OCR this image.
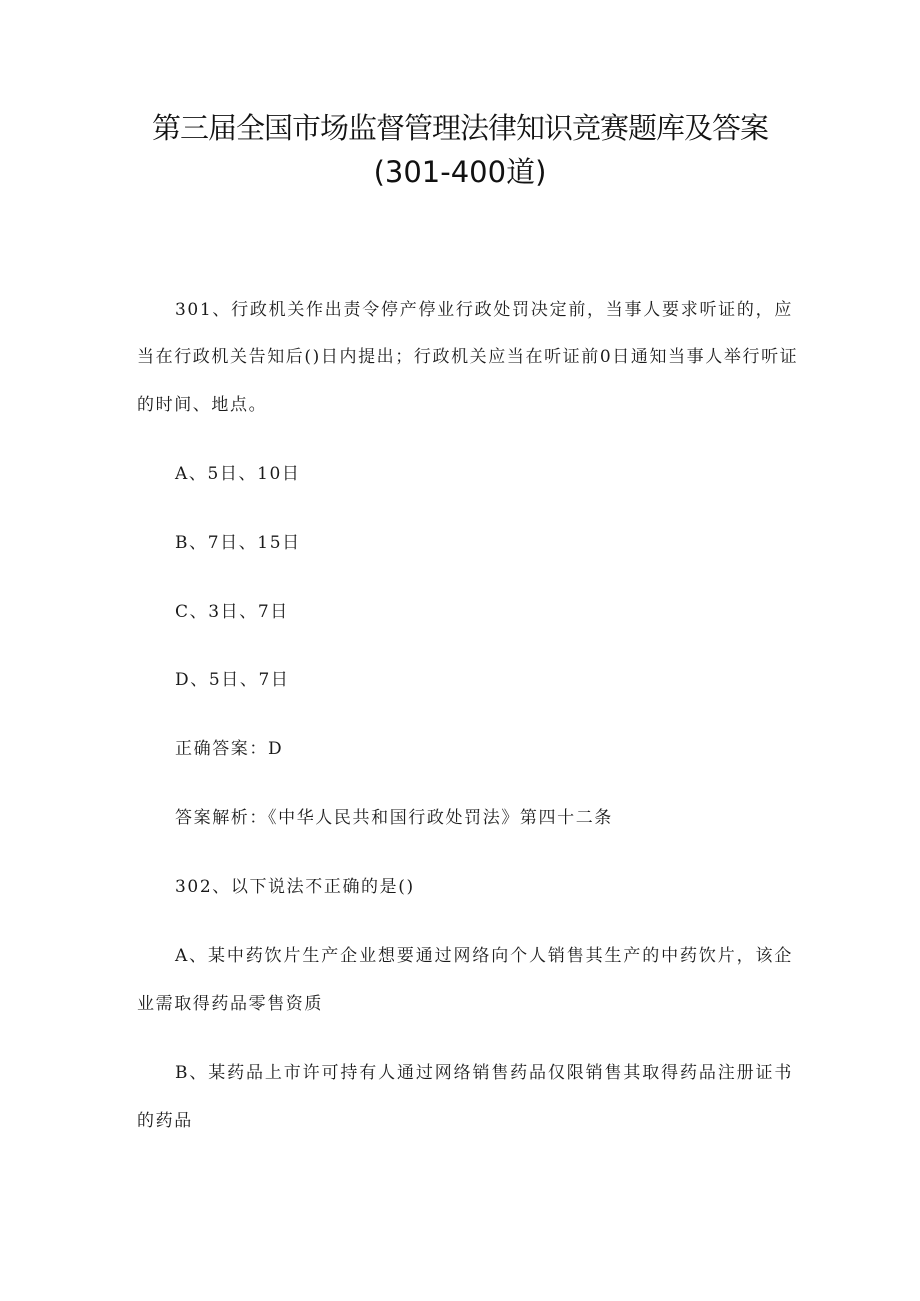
第三届全国市场监督管理法律知识竞赛题库及答案
(301-400道)
301、行政机关作出责令停产停业行政处罚决定前，当事人要求听证的，应
当在行政机关告知后()日内提出；行政机关应当在听证前0日通知当事人举行听证
的时间、地点。
A、5日、10日
B、7日、15日
C、3日、7日
D、5日、7日
正确答案：D
答案解析：《中华人民共和国行政处罚法》第四十二条
302、以下说法不正确的是()
A、某中药饮片生产企业想要通过网络向个人销售其生产的中药饮片，该企
业需取得药品零售资质
B、某药品上市许可持有人通过网络销售药品仅限销售其取得药品注册证书
的药品
